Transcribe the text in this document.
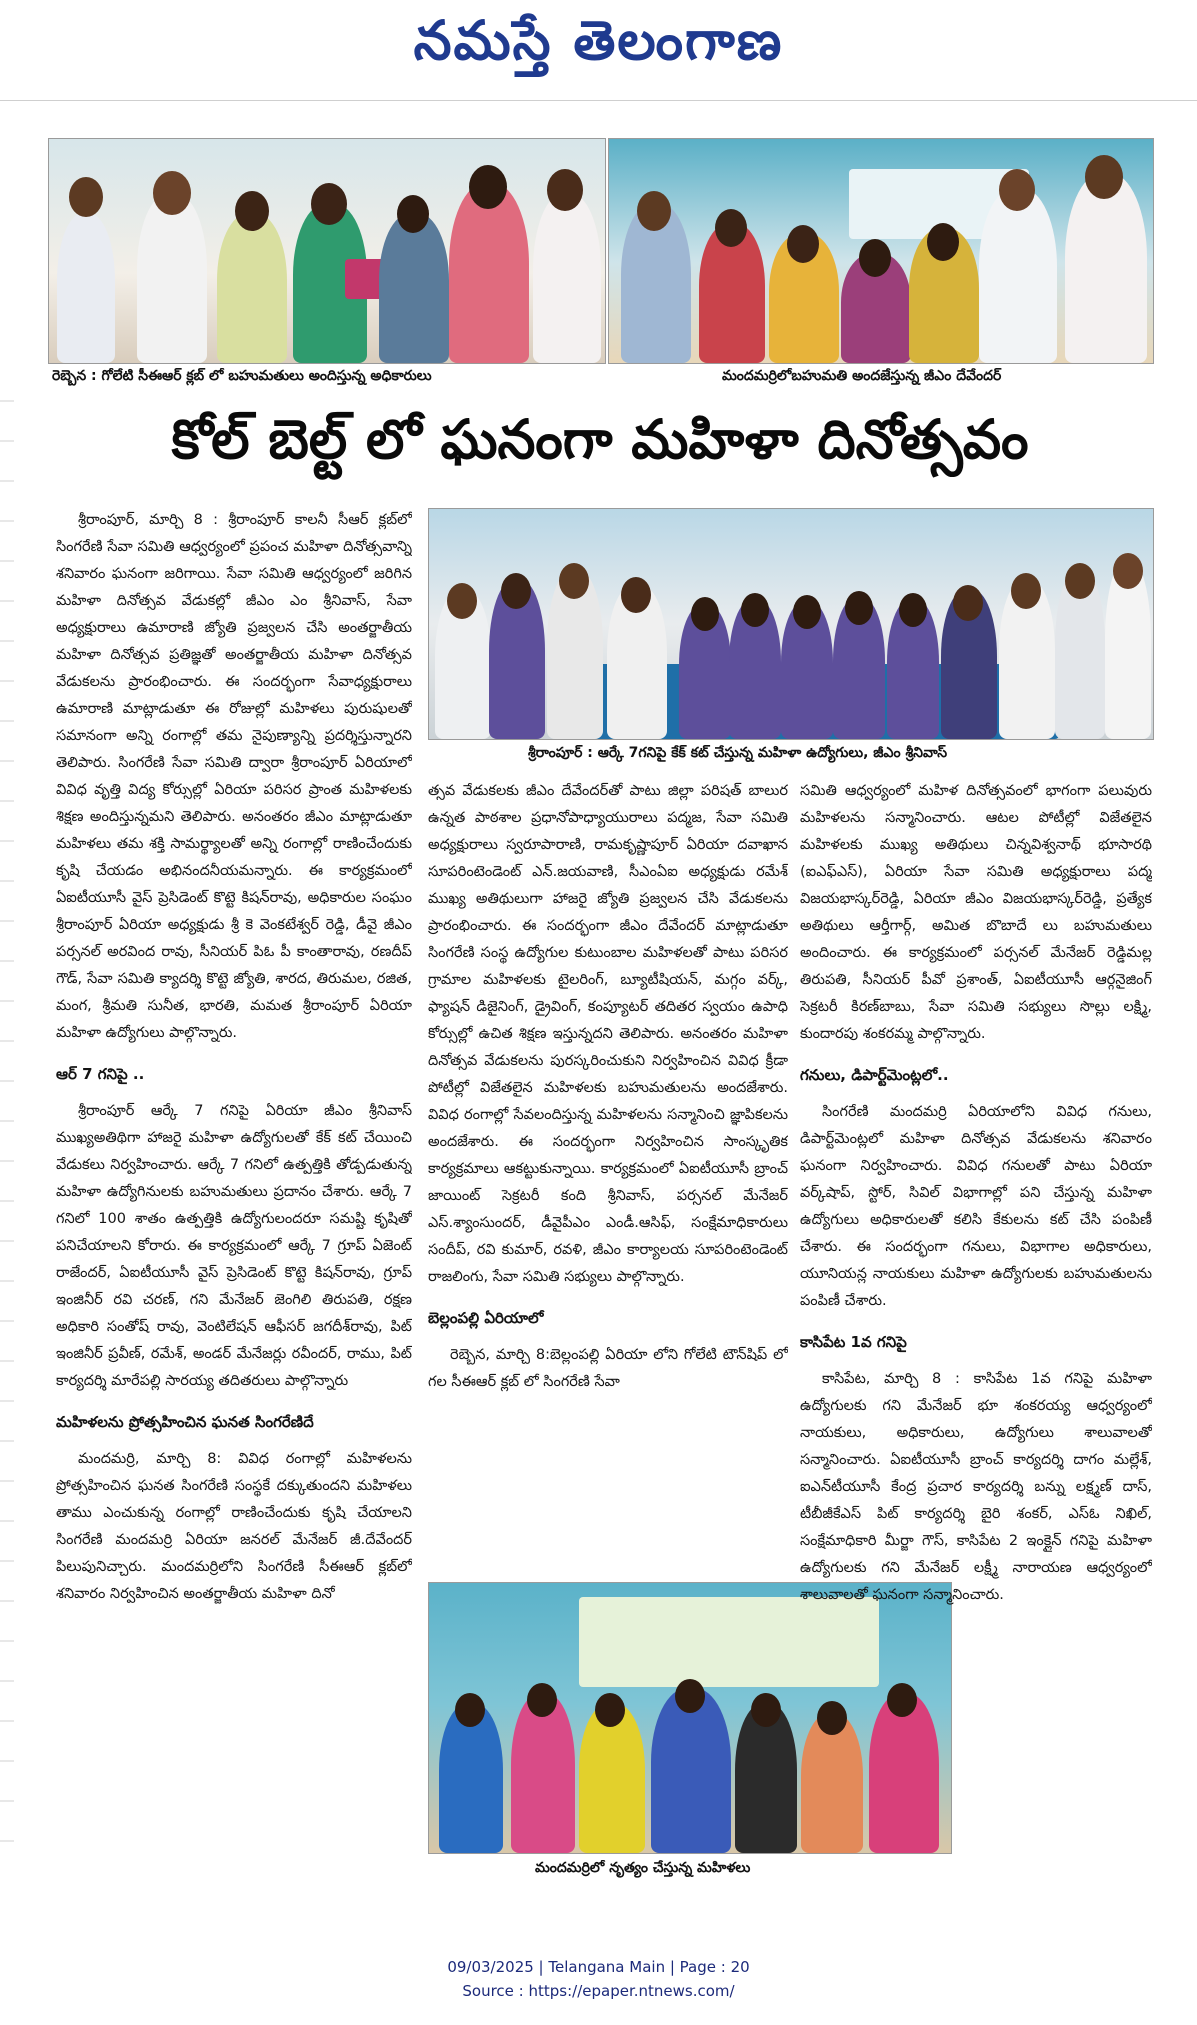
నమస్తే తెలంగాణ
రెబ్బెన : గోలేటి సీఈఆర్ క్లబ్ లో బహుమతులు అందిస్తున్న అధికారులు	మందమర్రిలోబహుమతి అందజేస్తున్న జీఎం దేవేందర్
కోల్ బెల్ట్ లో ఘనంగా మహిళా దినోత్సవం
శ్రీరాంపూర్ : ఆర్కే 7గనిపై కేక్ కట్ చేస్తున్న మహిళా ఉద్యోగులు, జీఎం శ్రీనివాస్
మందమర్రిలో నృత్యం చేస్తున్న మహిళలు

శ్రీరాంపూర్, మార్చి 8 : శ్రీరాంపూర్ కాలనీ సీఆర్ క్లబ్‌లో సింగరేణి సేవా సమితి ఆధ్వర్యంలో ప్రపంచ మహిళా దినోత్సవాన్ని శనివారం ఘనంగా జరిగాయి. సేవా సమితి ఆధ్వర్యంలో జరిగిన మహిళా దినోత్సవ వేడుకల్లో జీఎం ఎం శ్రీనివాస్, సేవా అధ్యక్షురాలు ఉమారాణి జ్యోతి ప్రజ్వలన చేసి అంతర్జాతీయ మహిళా దినోత్సవ ప్రతిజ్ఞతో అంతర్జాతీయ మహిళా దినోత్సవ వేడుకలను ప్రారంభించారు. ఈ సందర్భంగా సేవాధ్యక్షురాలు ఉమారాణి మాట్లాడుతూ ఈ రోజుల్లో మహిళలు పురుషులతో సమానంగా అన్ని రంగాల్లో తమ నైపుణ్యాన్ని ప్రదర్శిస్తున్నారని తెలిపారు. సింగరేణి సేవా సమితి ద్వారా శ్రీరాంపూర్ ఏరియాలో వివిధ వృత్తి విద్య కోర్సుల్లో ఏరియా పరిసర ప్రాంత మహిళలకు శిక్షణ అందిస్తున్నమని తెలిపారు. అనంతరం జీఎం మాట్లాడుతూ మహిళలు తమ శక్తి సామర్థ్యాలతో అన్ని రంగాల్లో రాణించేందుకు కృషి చేయడం అభినందనీయమన్నారు. ఈ కార్యక్రమంలో ఏఐటీయూసీ వైస్ ప్రెసిడెంట్ కొట్టె కిషన్‌రావు, అధికారుల సంఘం శ్రీరాంపూర్ ఏరియా అధ్యక్షుడు శ్రీ కె వెంకటేశ్వర్ రెడ్డి, డీవై జీఎం పర్సనల్ అరవింద రావు, సీనియర్ పిఓ పీ కాంతారావు, రణదీప్ గౌడ్, సేవా సమితి క్యాదర్శి కొట్టె జ్యోతి, శారద, తిరుమల, రజిత, మంగ, శ్రీమతి సునీత, భారతి, మమత శ్రీరాంపూర్ ఏరియా మహిళా ఉద్యోగులు పాల్గొన్నారు.

ఆర్ 7 గనిపై ..

శ్రీరాంపూర్ ఆర్కే 7 గనిపై ఏరియా జీఎం శ్రీనివాస్ ముఖ్యఅతిథిగా హాజరై మహిళా ఉద్యోగులతో కేక్ కట్ చేయించి వేడుకలు నిర్వహించారు. ఆర్కే 7 గనిలో ఉత్పత్తికి తోడ్పడుతున్న మహిళా ఉద్యోగినులకు బహుమతులు ప్రదానం చేశారు. ఆర్కే 7 గనిలో 100 శాతం ఉత్పత్తికి ఉద్యోగులందరూ సమష్టి కృషితో పనిచేయాలని కోరారు. ఈ కార్యక్రమంలో ఆర్కే 7 గ్రూప్ ఏజెంట్ రాజేందర్, ఏఐటీయూసీ వైస్ ప్రెసిడెంట్ కొట్టె కిషన్‌రావు, గ్రూప్ ఇంజినీర్ రవి చరణ్, గని మేనేజర్ జెంగిలి తిరుపతి, రక్షణ అధికారి సంతోష్ రావు, వెంటిలేషన్ ఆఫీసర్ జగదీశ్‌రావు, పిట్ ఇంజినీర్ ప్రవీణ్, రమేశ్, అండర్ మేనేజర్లు రవీందర్, రాము, పిట్ కార్యదర్శి మారేపల్లి సారయ్య తదితరులు పాల్గొన్నారు

మహిళలను ప్రోత్సహించిన ఘనత సింగరేణిదే

మందమర్రి, మార్చి 8: వివిధ రంగాల్లో మహిళలను ప్రోత్సహించిన ఘనత సింగరేణి సంస్థకే దక్కుతుందని మహిళలు తాము ఎంచుకున్న రంగాల్లో రాణించేందుకు కృషి చేయాలని సింగరేణి మందమర్రి ఏరియా జనరల్ మేనేజర్ జీ.దేవేందర్ పిలుపునిచ్చారు. మందమర్రిలోని సింగరేణి సీఈఆర్ క్లబ్‌లో శనివారం నిర్వహించిన అంతర్జాతీయ మహిళా దినో

త్సవ వేడుకలకు జీఎం దేవేందర్‌తో పాటు జిల్లా పరిషత్ బాలుర ఉన్నత పాఠశాల ప్రధానోపాధ్యాయురాలు పద్మజ, సేవా సమితి అధ్యక్షురాలు స్వరూపారాణి, రామకృష్ణాపూర్ ఏరియా దవాఖాన సూపరింటెండెంట్ ఎన్.జయవాణి, సీఎంఏఐ అధ్యక్షుడు రమేశ్ ముఖ్య అతిథులుగా హాజరై జ్యోతి ప్రజ్వలన చేసి వేడుకలను ప్రారంభించారు. ఈ సందర్భంగా జీఎం దేవేందర్ మాట్లాడుతూ సింగరేణి సంస్థ ఉద్యోగుల కుటుంబాల మహిళలతో పాటు పరిసర గ్రామాల మహిళలకు టైలరింగ్, బ్యూటీషియన్, మగ్గం వర్క్, ఫ్యాషన్ డిజైనింగ్, డ్రైవింగ్, కంప్యూటర్ తదితర స్వయం ఉపాధి కోర్సుల్లో ఉచిత శిక్షణ ఇస్తున్నదని తెలిపారు. అనంతరం మహిళా దినోత్సవ వేడుకలను పురస్కరించుకుని నిర్వహించిన వివిధ క్రీడా పోటీల్లో విజేతలైన మహిళలకు బహుమతులను అందజేశారు. వివిధ రంగాల్లో సేవలందిస్తున్న మహిళలను సన్మానించి జ్ఞాపికలను అందజేశారు. ఈ సందర్భంగా నిర్వహించిన సాంస్కృతిక కార్యక్రమాలు ఆకట్టుకున్నాయి. కార్యక్రమంలో ఏఐటీయూసీ బ్రాంచ్ జాయింట్ సెక్రటరీ కంది శ్రీనివాస్, పర్సనల్ మేనేజర్ ఎస్.శ్యాంసుందర్, డీవైపీఎం ఎండీ.ఆసిఫ్, సంక్షేమాధికారులు సందీప్, రవి కుమార్, రవళి, జీఎం కార్యాలయ సూపరింటెండెంట్ రాజలింగు, సేవా సమితి సభ్యులు పాల్గొన్నారు.

బెల్లంపల్లి ఏరియాలో

రెబ్బెన, మార్చి 8:బెల్లంపల్లి ఏరియా లోని గోలేటి టౌన్‌షిప్ లో గల సీఈఆర్ క్లబ్ లో సింగరేణి సేవా

సమితి ఆధ్వర్యంలో మహిళ దినోత్సవంలో భాగంగా పలువురు మహిళలను సన్మానించారు. ఆటల పోటీల్లో విజేతలైన మహిళలకు ముఖ్య అతిథులు చిన్నవిశ్వనాథ్ భూసారథి (ఐఎఫ్ఎస్), ఏరియా సేవా సమితి అధ్యక్షురాలు పద్మ విజయభాస్కర్‌రెడ్డి, ఏరియా జీఎం విజయభాస్కర్‌రెడ్డి, ప్రత్యేక అతిథులు ఆర్తీగార్గ్, అమిత బొబాదే లు బహుమతులు అందించారు. ఈ కార్యక్రమంలో పర్సనల్ మేనేజర్ రెడ్డిమల్ల తిరుపతి, సీనియర్ పీవో ప్రశాంత్, ఏఐటీయూసీ ఆర్గనైజింగ్ సెక్రటరీ కిరణ్‌బాబు, సేవా సమితి సభ్యులు సొల్లు లక్ష్మి, కుందారపు శంకరమ్మ పాల్గొన్నారు.

గనులు, డిపార్ట్‌మెంట్లలో..

సింగరేణి మందమర్రి ఏరియాలోని వివిధ గనులు, డిపార్ట్‌మెంట్లలో మహిళా దినోత్సవ వేడుకలను శనివారం ఘనంగా నిర్వహించారు. వివిధ గనులతో పాటు ఏరియా వర్క్‌షాప్, స్టోర్, సివిల్ విభాగాల్లో పని చేస్తున్న మహిళా ఉద్యోగులు అధికారులతో కలిసి కేకులను కట్ చేసి పంపిణీ చేశారు. ఈ సందర్భంగా గనులు, విభాగాల అధికారులు, యూనియన్ల నాయకులు మహిళా ఉద్యోగులకు బహుమతులను పంపిణీ చేశారు.

కాసిపేట 1వ గనిపై

కాసిపేట, మార్చి 8 : కాసిపేట 1వ గనిపై మహిళా ఉద్యోగులకు గని మేనేజర్ భూ శంకరయ్య ఆధ్వర్యంలో నాయకులు, అధికారులు, ఉద్యోగులు శాలువాలతో సన్మానించారు. ఏఐటీయూసీ బ్రాంచ్ కార్యదర్శి దాగం మల్లేశ్, ఐఎన్‌టీయూసీ కేంద్ర ప్రచార కార్యదర్శి బన్ను లక్ష్మణ్ దాస్, టీబీజీకేఎస్ పిట్ కార్యదర్శి బైరి శంకర్, ఎస్ఓ నిఖిల్, సంక్షేమాధికారి మీర్జా గౌస్, కాసిపేట 2 ఇంక్లైన్ గనిపై మహిళా ఉద్యోగులకు గని మేనేజర్ లక్ష్మీ నారాయణ ఆధ్వర్యంలో శాలువాలతో ఘనంగా సన్మానించారు.

09/03/2025 | Telangana Main | Page : 20
Source : https://epaper.ntnews.com/
